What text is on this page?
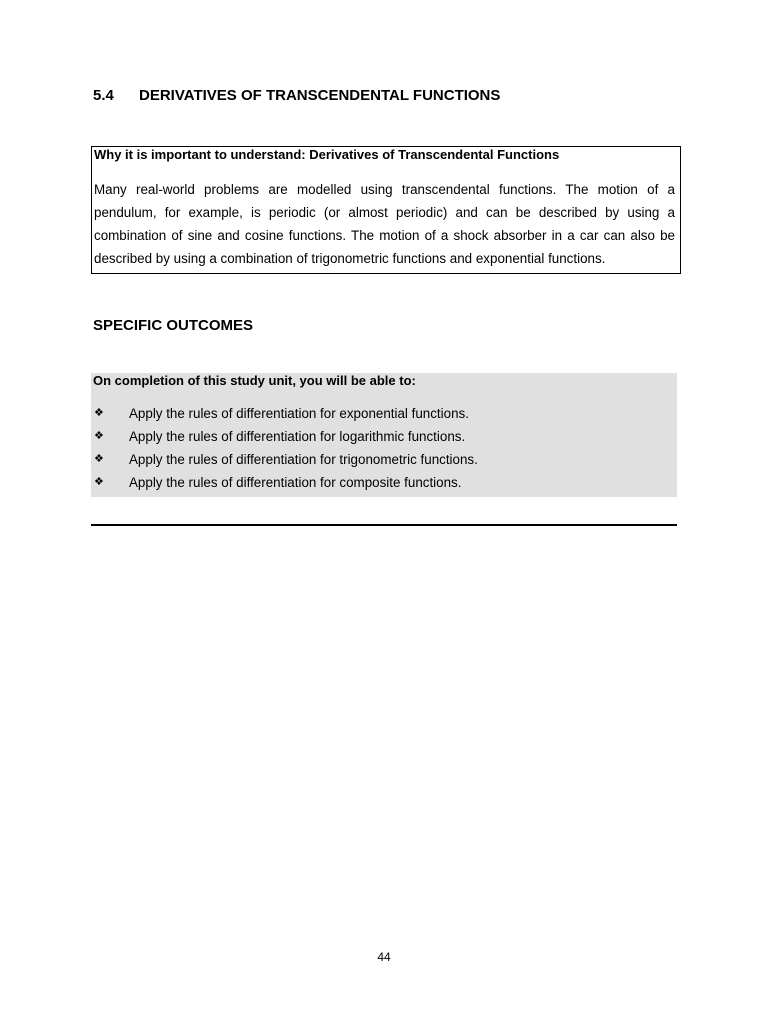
5.4 DERIVATIVES OF TRANSCENDENTAL FUNCTIONS
Why it is important to understand: Derivatives of Transcendental Functions

Many real-world problems are modelled using transcendental functions. The motion of a pendulum, for example, is periodic (or almost periodic) and can be described by using a combination of sine and cosine functions. The motion of a shock absorber in a car can also be described by using a combination of trigonometric functions and exponential functions.

SPECIFIC OUTCOMES
On completion of this study unit, you will be able to:
❖ Apply the rules of differentiation for exponential functions.
❖ Apply the rules of differentiation for logarithmic functions.
❖ Apply the rules of differentiation for trigonometric functions.
❖ Apply the rules of differentiation for composite functions.
44
